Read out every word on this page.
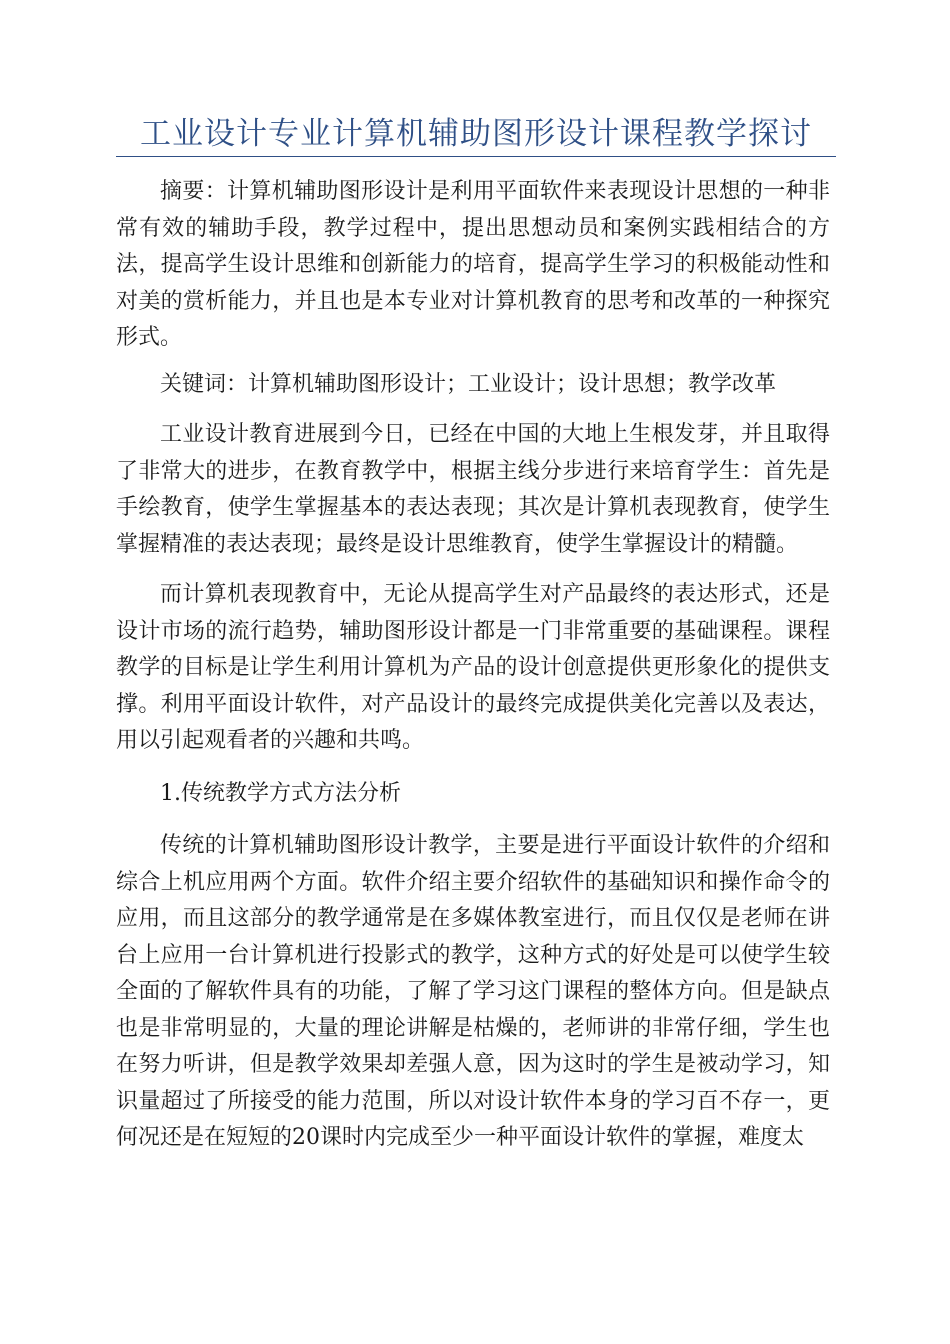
工业设计专业计算机辅助图形设计课程教学探讨

摘要：计算机辅助图形设计是利用平面软件来表现设计思想的一种非常有效的辅助手段，教学过程中，提出思想动员和案例实践相结合的方法，提高学生设计思维和创新能力的培育，提高学生学习的积极能动性和对美的赏析能力，并且也是本专业对计算机教育的思考和改革的一种探究形式。

关键词：计算机辅助图形设计；工业设计；设计思想；教学改革

工业设计教育进展到今日，已经在中国的大地上生根发芽，并且取得了非常大的进步，在教育教学中，根据主线分步进行来培育学生：首先是手绘教育，使学生掌握基本的表达表现；其次是计算机表现教育，使学生掌握精准的表达表现；最终是设计思维教育，使学生掌握设计的精髓。

而计算机表现教育中，无论从提高学生对产品最终的表达形式，还是设计市场的流行趋势，辅助图形设计都是一门非常重要的基础课程。课程教学的目标是让学生利用计算机为产品的设计创意提供更形象化的提供支撑。利用平面设计软件，对产品设计的最终完成提供美化完善以及表达，用以引起观看者的兴趣和共鸣。

1.传统教学方式方法分析

传统的计算机辅助图形设计教学，主要是进行平面设计软件的介绍和综合上机应用两个方面。软件介绍主要介绍软件的基础知识和操作命令的应用，而且这部分的教学通常是在多媒体教室进行，而且仅仅是老师在讲台上应用一台计算机进行投影式的教学，这种方式的好处是可以使学生较全面的了解软件具有的功能，了解了学习这门课程的整体方向。但是缺点也是非常明显的，大量的理论讲解是枯燥的，老师讲的非常仔细，学生也在努力听讲，但是教学效果却差强人意，因为这时的学生是被动学习，知识量超过了所接受的能力范围，所以对设计软件本身的学习百不存一，更何况还是在短短的20课时内完成至少一种平面设计软件的掌握，难度太
